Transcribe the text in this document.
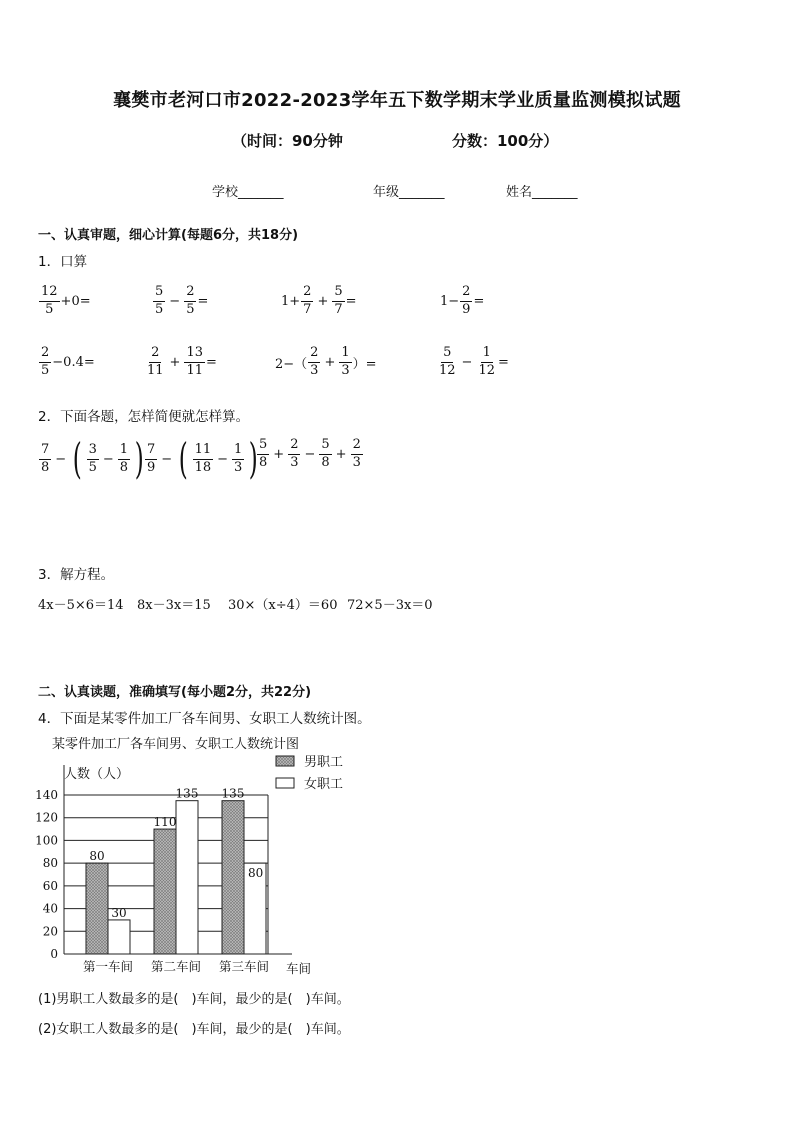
襄樊市老河口市2022-2023学年五下数学期末学业质量监测模拟试题
（时间：90分钟	分数：100分）
学校_______	年级_______	姓名_______
一、认真审题，细心计算(每题6分，共18分)
1．口算
$\frac{12}{5} +0=$	$\frac{5}{5} - \frac{2}{5}$ =	$1+ \frac{2}{7} + \frac{5}{7}$ =	$1- \frac{2}{9}$ =
$\frac{2}{5} -0.4=$	$\frac{2}{11} + \frac{13}{11}$ =	$2-( \frac{2}{3} + \frac{1}{3}$ ）=	$\frac{5}{12} - \frac{1}{12}$ =
2．下面各题，怎样简便就怎样算。
$\frac{7}{8}$ − ( $\frac{3}{5} - \frac{1}{8}$ ) $\frac{7}{9}$ − ( $\frac{11}{18} - \frac{1}{3}$ )
$\frac{5}{8} + \frac{2}{3} - \frac{5}{8} + \frac{2}{3}$
3．解方程。
4x－5×6＝14 8x－3x＝15 30×（x÷4）＝60 72×5－3x＝0
二、认真读题，准确填写(每小题2分，共22分)
4．下面是某零件加工厂各车间男、女职工人数统计图。
某零件加工厂各车间男、女职工人数统计图
人数（人）
0
20
40
60
80
100
120
140
80
30
第一车间
110
135
第二车间
135
80
第三车间 车间
男职工
女职工
(1)男职工人数最多的是(　)车间，最少的是(　)车间。
(2)女职工人数最多的是(　)车间，最少的是(　)车间。
